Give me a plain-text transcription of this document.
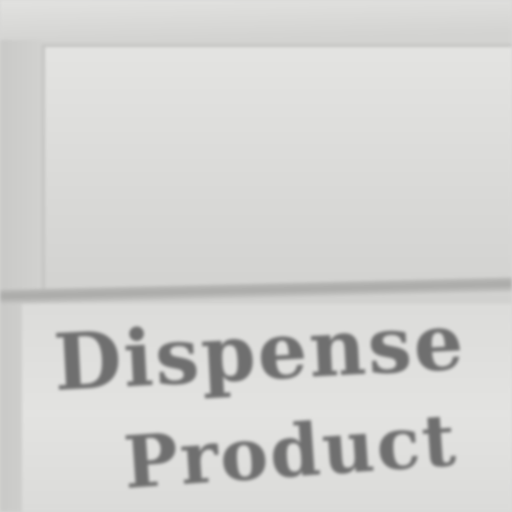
Dispense
Product
